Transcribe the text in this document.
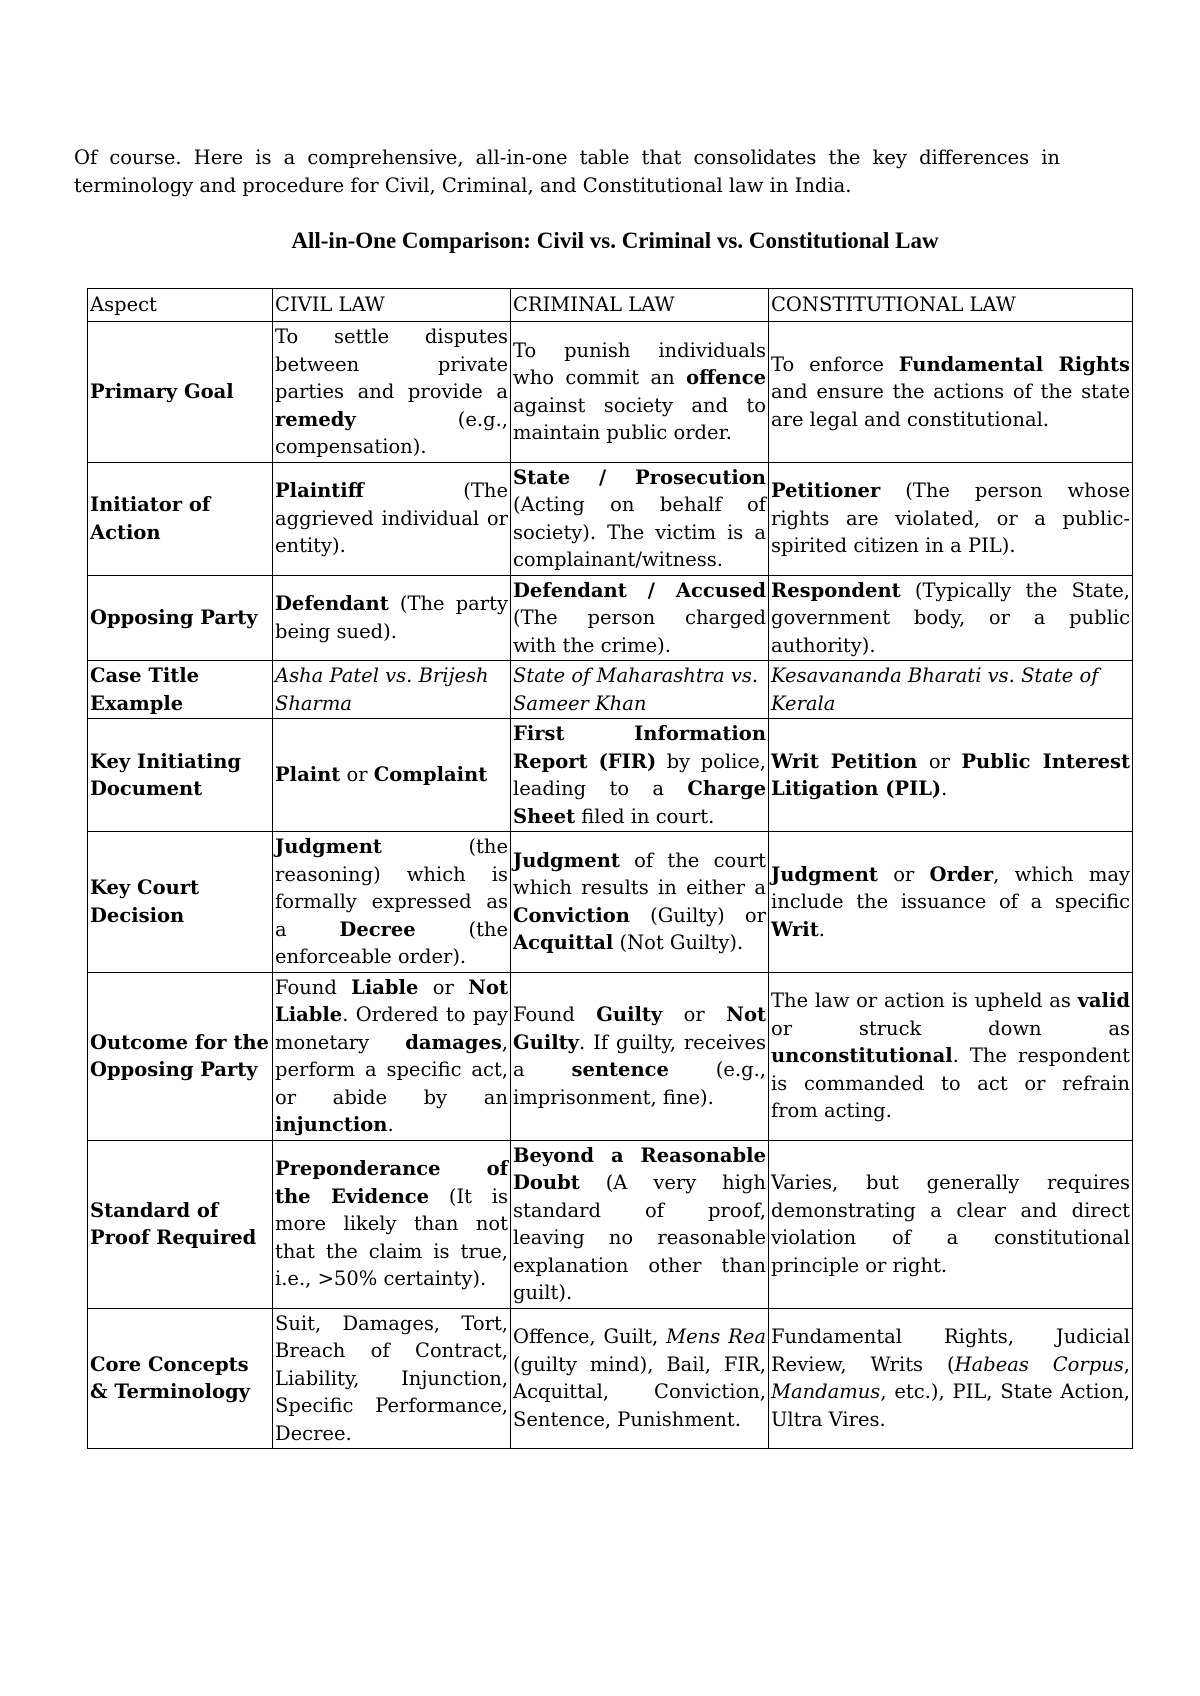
Of course. Here is a comprehensive, all-in-one table that consolidates the key differences in terminology and procedure for Civil, Criminal, and Constitutional law in India.

All-in-One Comparison: Civil vs. Criminal vs. Constitutional Law
Aspect	CIVIL LAW	CRIMINAL LAW	CONSTITUTIONAL LAW
Primary Goal	To settle disputes between private parties and provide a remedy (e.g., compensation).	To punish individuals who commit an offence against society and to maintain public order.	To enforce Fundamental Rights and ensure the actions of the state are legal and constitutional.
Initiator of Action	Plaintiff (The aggrieved individual or entity).	State / Prosecution (Acting on behalf of society). The victim is a complainant/witness.	Petitioner (The person whose rights are violated, or a public-spirited citizen in a PIL).
Opposing Party	Defendant (The party being sued).	Defendant / Accused (The person charged with the crime).	Respondent (Typically the State, government body, or a public authority).
Case Title Example	Asha Patel vs. Brijesh Sharma	State of Maharashtra vs. Sameer Khan	Kesavananda Bharati vs. State of Kerala
Key Initiating Document	Plaint or Complaint	First Information Report (FIR) by police, leading to a Charge Sheet filed in court.	Writ Petition or Public Interest Litigation (PIL).
Key Court Decision	Judgment (the reasoning) which is formally expressed as a Decree (the enforceable order).	Judgment of the court which results in either a Conviction (Guilty) or Acquittal (Not Guilty).	Judgment or Order, which may include the issuance of a specific Writ.
Outcome for the Opposing Party	Found Liable or Not Liable. Ordered to pay monetary damages, perform a specific act, or abide by an injunction.	Found Guilty or Not Guilty. If guilty, receives a sentence (e.g., imprisonment, fine).	The law or action is upheld as valid or struck down as unconstitutional. The respondent is commanded to act or refrain from acting.
Standard of Proof Required	Preponderance of the Evidence (It is more likely than not that the claim is true, i.e., >50% certainty).	Beyond a Reasonable Doubt (A very high standard of proof, leaving no reasonable explanation other than guilt).	Varies, but generally requires demonstrating a clear and direct violation of a constitutional principle or right.
Core Concepts & Terminology	Suit, Damages, Tort, Breach of Contract, Liability, Injunction, Specific Performance, Decree.	Offence, Guilt, Mens Rea (guilty mind), Bail, FIR, Acquittal, Conviction, Sentence, Punishment.	Fundamental Rights, Judicial Review, Writs (Habeas Corpus, Mandamus, etc.), PIL, State Action, Ultra Vires.
